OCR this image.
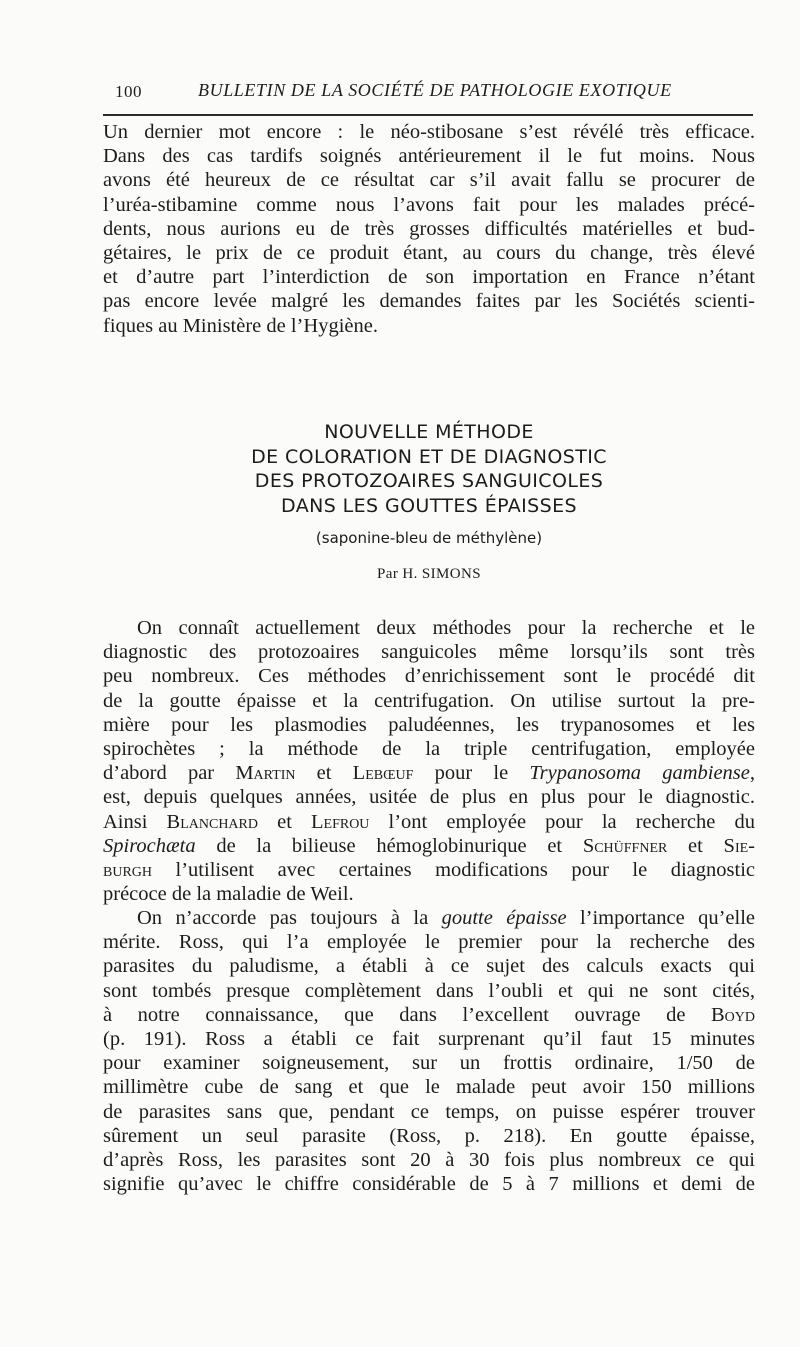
100	BULLETIN DE LA SOCIÉTÉ DE PATHOLOGIE EXOTIQUE
Un dernier mot encore : le néo-stibosane s’est révélé très efficace.
Dans des cas tardifs soignés antérieurement il le fut moins. Nous
avons été heureux de ce résultat car s’il avait fallu se procurer de
l’uréa-stibamine comme nous l’avons fait pour les malades précé-
dents, nous aurions eu de très grosses difficultés matérielles et bud-
gétaires, le prix de ce produit étant, au cours du change, très élevé
et d’autre part l’interdiction de son importation en France n’étant
pas encore levée malgré les demandes faites par les Sociétés scienti-
fiques au Ministère de l’Hygiène.
NOUVELLE MÉTHODE
DE COLORATION ET DE DIAGNOSTIC
DES PROTOZOAIRES SANGUICOLES
DANS LES GOUTTES ÉPAISSES
(saponine-bleu de méthylène)
Par H. SIMONS
On connaît actuellement deux méthodes pour la recherche et le
diagnostic des protozoaires sanguicoles même lorsqu’ils sont très
peu nombreux. Ces méthodes d’enrichissement sont le procédé dit
de la goutte épaisse et la centrifugation. On utilise surtout la pre-
mière pour les plasmodies paludéennes, les trypanosomes et les
spirochètes ; la méthode de la triple centrifugation, employée
d’abord par Martin et Lebœuf pour le Trypanosoma gambiense,
est, depuis quelques années, usitée de plus en plus pour le diagnostic.
Ainsi Blanchard et Lefrou l’ont employée pour la recherche du
Spirochæta de la bilieuse hémoglobinurique et Schüffner et Sie-
burgh l’utilisent avec certaines modifications pour le diagnostic
précoce de la maladie de Weil.
On n’accorde pas toujours à la goutte épaisse l’importance qu’elle
mérite. Ross, qui l’a employée le premier pour la recherche des
parasites du paludisme, a établi à ce sujet des calculs exacts qui
sont tombés presque complètement dans l’oubli et qui ne sont cités,
à notre connaissance, que dans l’excellent ouvrage de Boyd
(p. 191). Ross a établi ce fait surprenant qu’il faut 15 minutes
pour examiner soigneusement, sur un frottis ordinaire, 1/50 de
millimètre cube de sang et que le malade peut avoir 150 millions
de parasites sans que, pendant ce temps, on puisse espérer trouver
sûrement un seul parasite (Ross, p. 218). En goutte épaisse,
d’après Ross, les parasites sont 20 à 30 fois plus nombreux ce qui
signifie qu’avec le chiffre considérable de 5 à 7 millions et demi de
